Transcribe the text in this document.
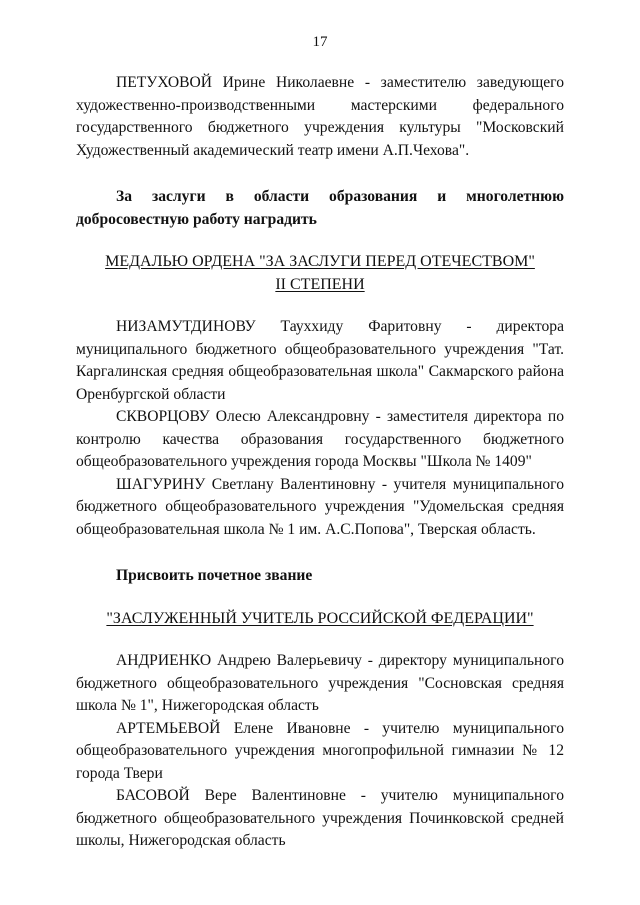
17

ПЕТУХОВОЙ Ирине Николаевне - заместителю заведующего художественно-производственными мастерскими федерального государственного бюджетного учреждения культуры "Московский Художественный академический театр имени А.П.Чехова".

За заслуги в области образования и многолетнюю добросовестную работу наградить

МЕДАЛЬЮ ОРДЕНА "ЗА ЗАСЛУГИ ПЕРЕД ОТЕЧЕСТВОМ"

II СТЕПЕНИ

НИЗАМУТДИНОВУ Тауххиду Фаритовну - директора муниципального бюджетного общеобразовательного учреждения "Тат. Каргалинская средняя общеобразовательная школа" Сакмарского района Оренбургской области

СКВОРЦОВУ Олесю Александровну - заместителя директора по контролю качества образования государственного бюджетного общеобразовательного учреждения города Москвы "Школа № 1409"

ШАГУРИНУ Светлану Валентиновну - учителя муниципального бюджетного общеобразовательного учреждения "Удомельская средняя общеобразовательная школа № 1 им. А.С.Попова", Тверская область.

Присвоить почетное звание

"ЗАСЛУЖЕННЫЙ УЧИТЕЛЬ РОССИЙСКОЙ ФЕДЕРАЦИИ"

АНДРИЕНКО Андрею Валерьевичу - директору муниципального бюджетного общеобразовательного учреждения "Сосновская средняя школа № 1", Нижегородская область

АРТЕМЬЕВОЙ Елене Ивановне - учителю муниципального общеобразовательного учреждения многопрофильной гимназии № 12 города Твери

БАСОВОЙ Вере Валентиновне - учителю муниципального бюджетного общеобразовательного учреждения Починковской средней школы, Нижегородская область
